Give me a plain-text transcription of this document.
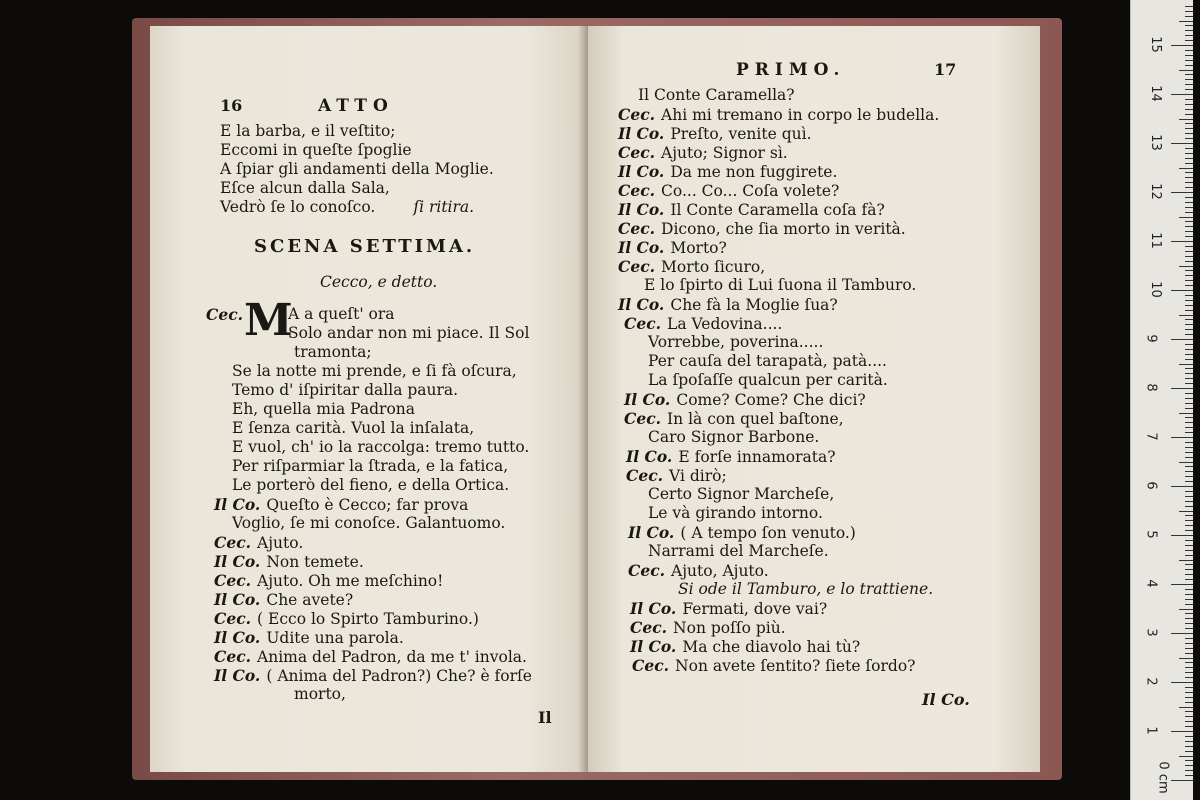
16	ATTO
E la barba, e il veſtito;
Eccomi in queſte ſpoglie
A ſpiar gli andamenti della Moglie.
Eſce alcun dalla Sala,
Vedrò ſe lo conoſco. ſi ritira.
SCENA SETTIMA.
Cecco, e detto.
Cec. M
A a queſt' ora
Solo andar non mi piace. Il Sol
tramonta;
Se la notte mi prende, e ſi fà oſcura,
Temo d' iſpiritar dalla paura.
Eh, quella mia Padrona
E ſenza carità. Vuol la inſalata,
E vuol, ch' io la raccolga: tremo tutto.
Per riſparmiar la ſtrada, e la fatica,
Le porterò del fieno, e della Ortica.
Il Co. Queſto è Cecco; far prova
Voglio, ſe mi conoſce. Galantuomo.
Cec. Ajuto.
Il Co. Non temete.
Cec. Ajuto. Oh me meſchino!
Il Co. Che avete?
Cec. ( Ecco lo Spirto Tamburino.)
Il Co. Udite una parola.
Cec. Anima del Padron, da me t' invola.
Il Co. ( Anima del Padron?) Che? è forſe
morto,
Il
PRIMO.	17
Il Conte Caramella?
Cec. Ahi mi tremano in corpo le budella.
Il Co. Preſto, venite quì.
Cec. Ajuto; Signor sì.
Il Co. Da me non fuggirete.
Cec. Co... Co... Coſa volete?
Il Co. Il Conte Caramella coſa fà?
Cec. Dicono, che ſia morto in verità.
Il Co. Morto?
Cec. Morto ſicuro,
E lo ſpirto di Lui ſuona il Tamburo.
Il Co. Che fà la Moglie ſua?
Cec. La Vedovina....
Vorrebbe, poverina.....
Per cauſa del tarapatà, patà....
La ſpoſaſſe qualcun per carità.
Il Co. Come? Come? Che dici?
Cec. In là con quel baſtone,
Caro Signor Barbone.
Il Co. E forſe innamorata?
Cec. Vi dirò;
Certo Signor Marcheſe,
Le và girando intorno.
Il Co. ( A tempo ſon venuto.)
Narrami del Marcheſe.
Cec. Ajuto, Ajuto.
Si ode il Tamburo, e lo trattiene.
Il Co. Fermati, dove vai?
Cec. Non poſſo più.
Il Co. Ma che diavolo hai tù?
Cec. Non avete ſentito? ſiete ſordo?
Il Co.
0 cm
1
2
3
4
5
6
7
8
9
10
11
12
13
14
15
